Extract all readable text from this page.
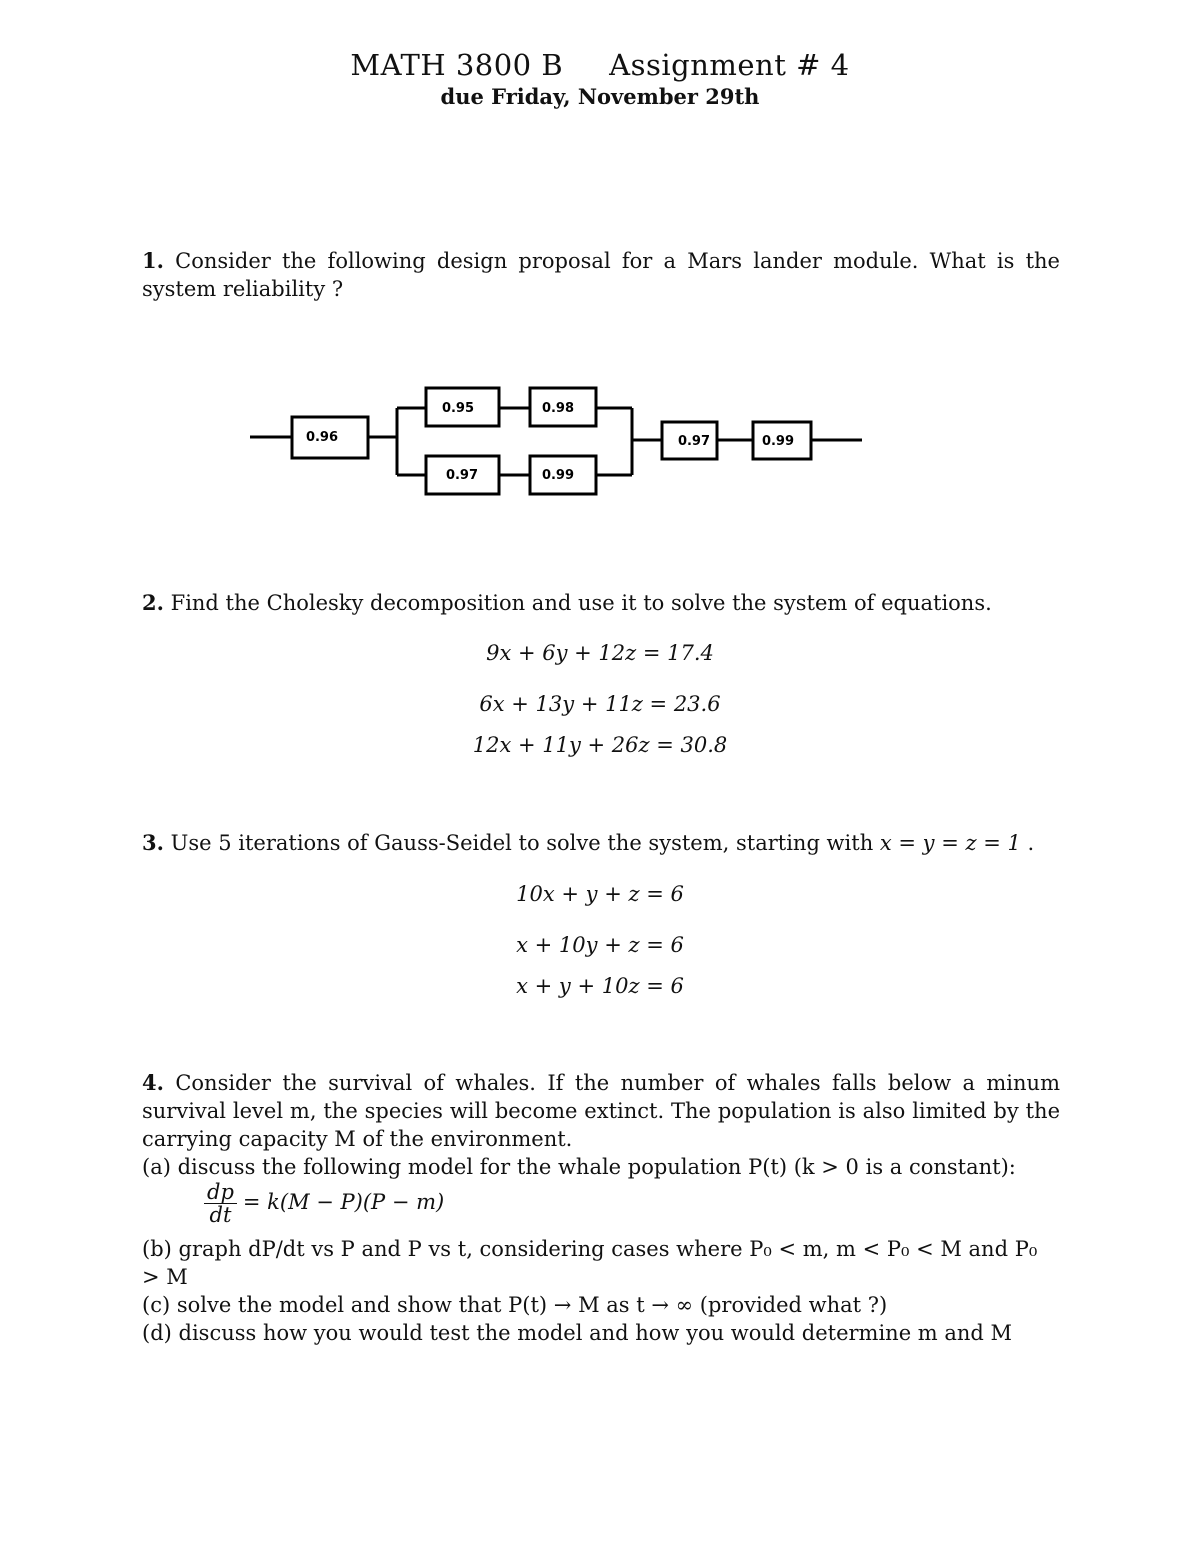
MATH 3800 B Assignment # 4
due Friday, November 29th
1. Consider the following design proposal for a Mars lander module. What is the system reliability ?
0.96
0.95	0.98
0.97	0.99
0.97	0.99
2. Find the Cholesky decomposition and use it to solve the system of equations.
9x + 6y + 12z = 17.4
6x + 13y + 11z = 23.6
12x + 11y + 26z = 30.8
3. Use 5 iterations of Gauss-Seidel to solve the system, starting with x = y = z = 1 .
10x + y + z = 6
x + 10y + z = 6
x + y + 10z = 6
4. Consider the survival of whales. If the number of whales falls below a minum survival level m, the species will become extinct. The population is also limited by the carrying capacity M of the environment.
(a) discuss the following model for the whale population P(t) (k > 0 is a constant):
$\frac{dp}{dt} = k(M - P)(P - m)$
(b) graph dP/dt vs P and P vs t, considering cases where P₀ < m, m < P₀ < M and P₀ > M
(c) solve the model and show that P(t) → M as t → ∞ (provided what ?)
(d) discuss how you would test the model and how you would determine m and M
